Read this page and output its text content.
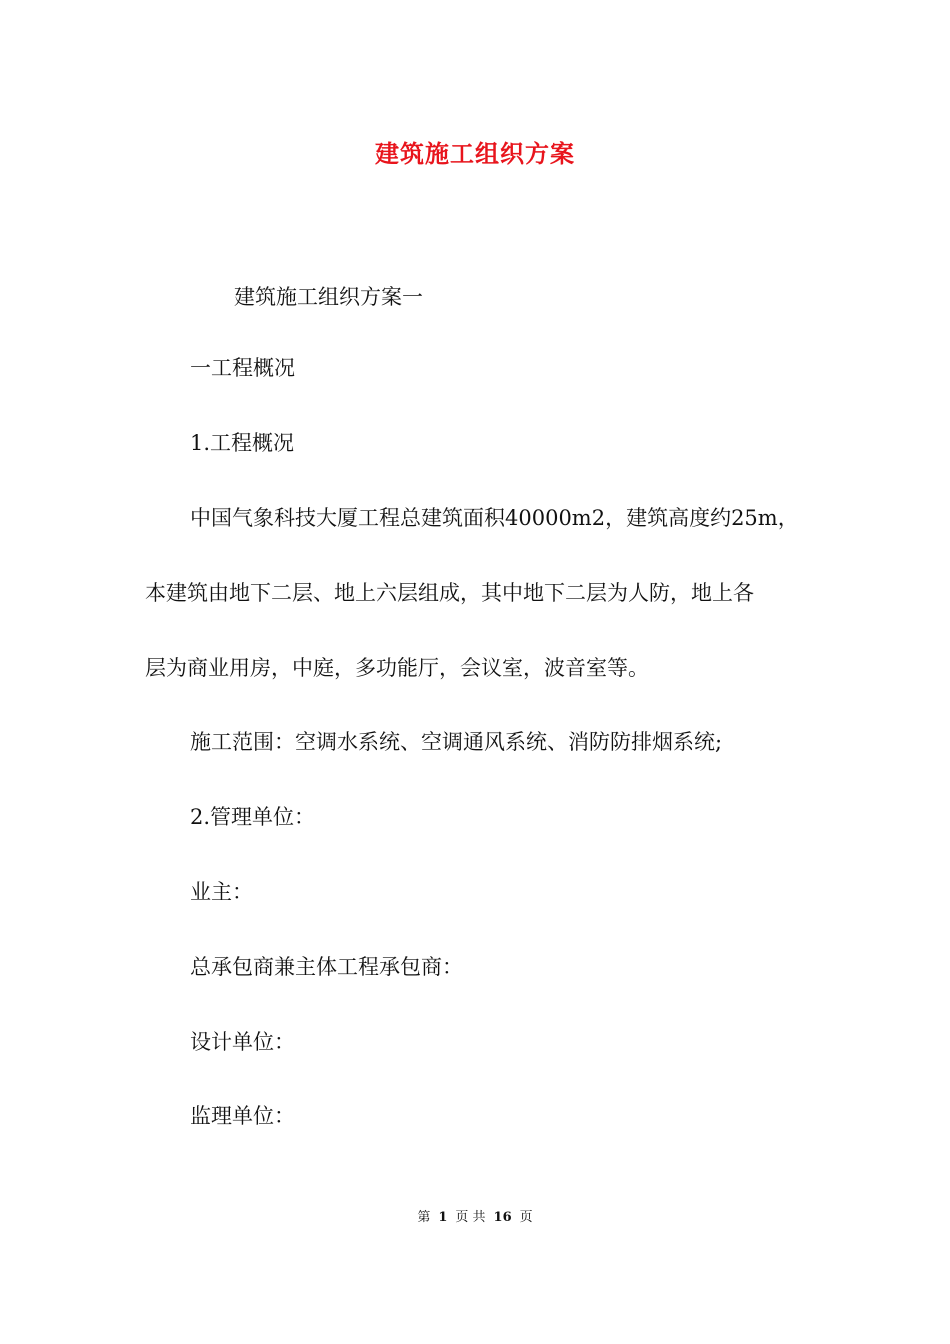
建筑施工组织方案
建筑施工组织方案一
一工程概况
1.工程概况
中国气象科技大厦工程总建筑面积40000m2，建筑高度约25m，
本建筑由地下二层、地上六层组成，其中地下二层为人防，地上各
层为商业用房，中庭，多功能厅，会议室，波音室等。
施工范围：空调水系统、空调通风系统、消防防排烟系统;
2.管理单位：
业主：
总承包商兼主体工程承包商：
设计单位：
监理单位：
第 1 页 共 16 页
